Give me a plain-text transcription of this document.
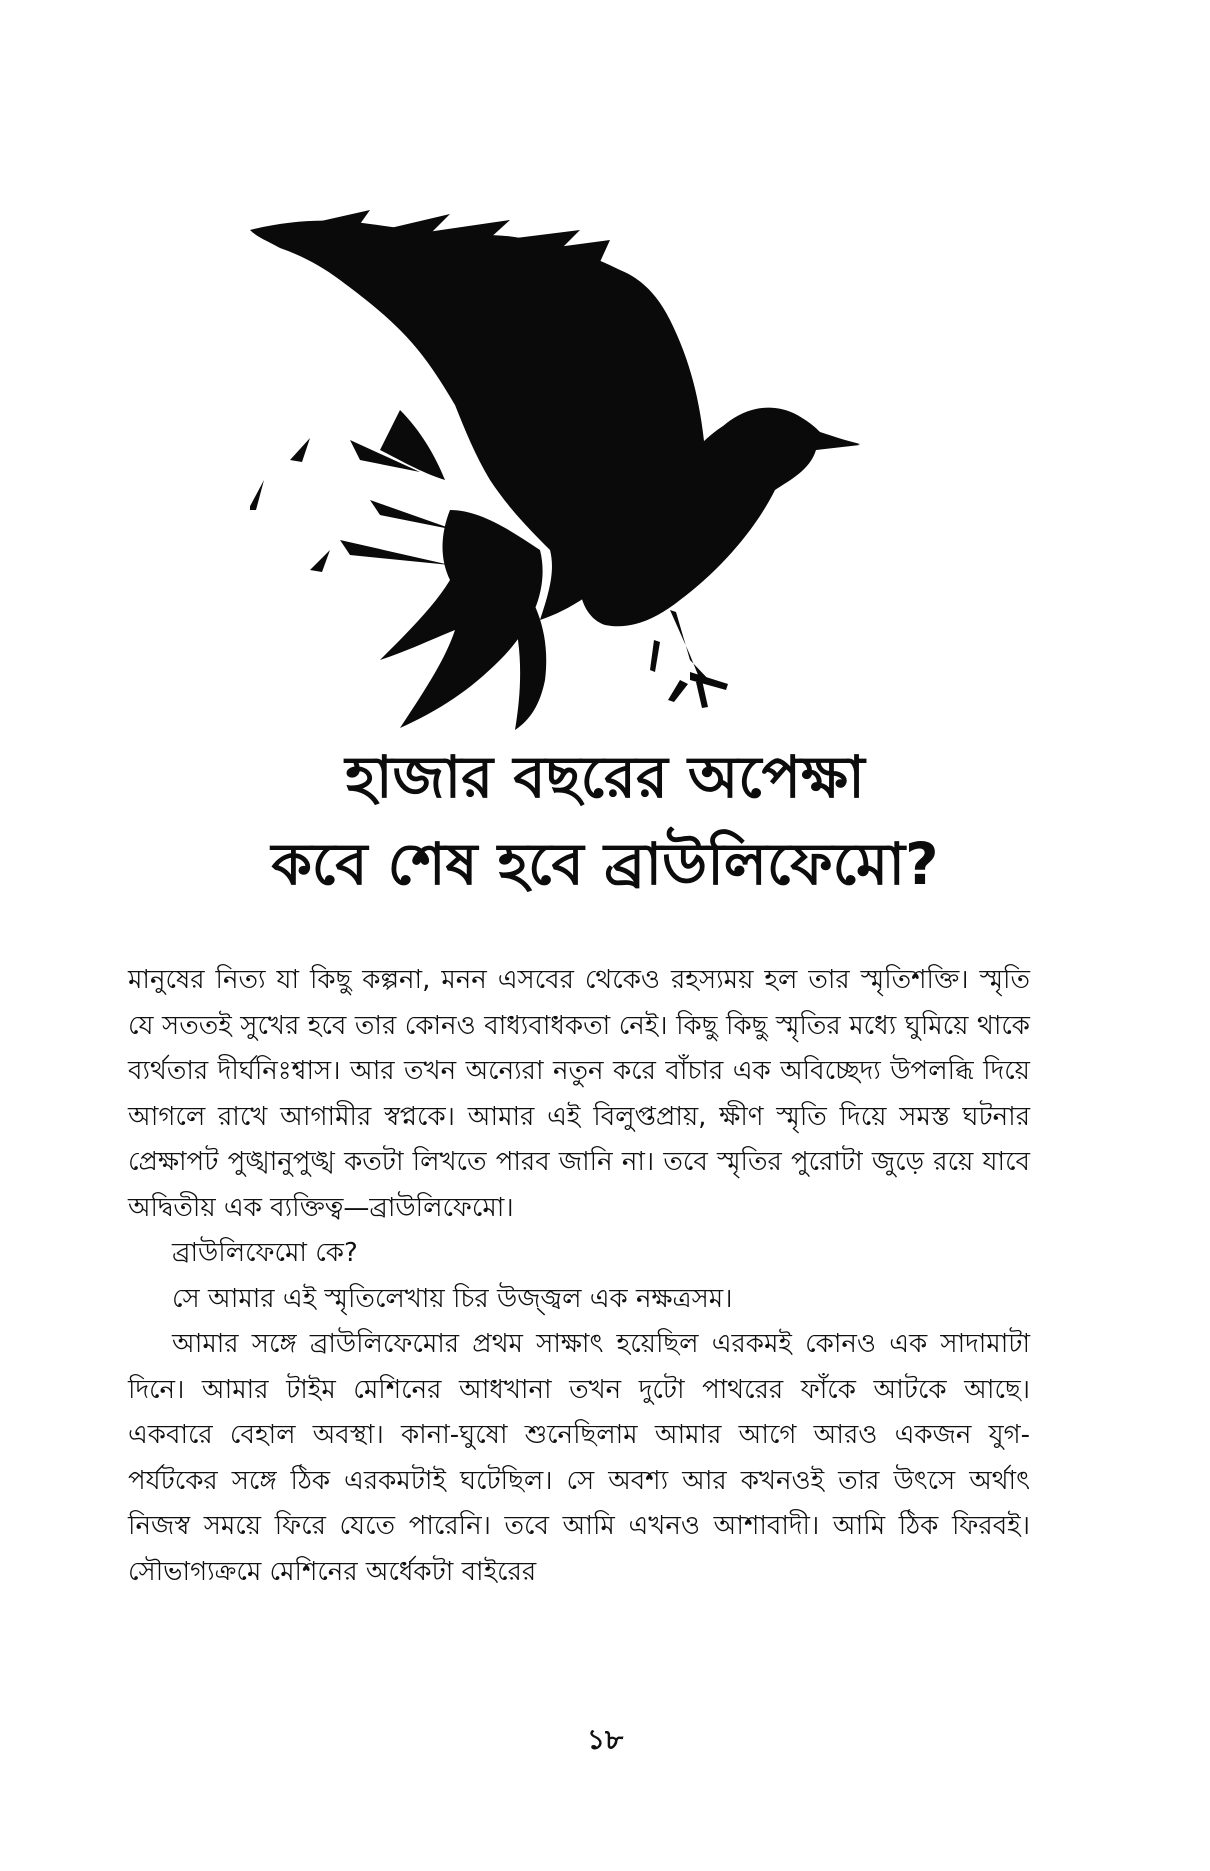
হাজার বছরের অপেক্ষা
কবে শেষ হবে ব্রাউলিফেমো?

মানুষের নিত্য যা কিছু কল্পনা, মনন এসবের থেকেও রহস্যময় হল তার স্মৃতিশক্তি। স্মৃতি যে সততই সুখের হবে তার কোনও বাধ্যবাধকতা নেই। কিছু কিছু স্মৃতির মধ্যে ঘুমিয়ে থাকে ব্যর্থতার দীর্ঘনিঃশ্বাস। আর তখন অন্যেরা নতুন করে বাঁচার এক অবিচ্ছেদ্য উপলব্ধি দিয়ে আগলে রাখে আগামীর স্বপ্নকে। আমার এই বিলুপ্তপ্রায়, ক্ষীণ স্মৃতি দিয়ে সমস্ত ঘটনার প্রেক্ষাপট পুঙ্খানুপুঙ্খ কতটা লিখতে পারব জানি না। তবে স্মৃতির পুরোটা জুড়ে রয়ে যাবে অদ্বিতীয় এক ব্যক্তিত্ব—ব্রাউলিফেমো।

ব্রাউলিফেমো কে?

সে আমার এই স্মৃতিলেখায় চির উজ্জ্বল এক নক্ষত্রসম।

আমার সঙ্গে ব্রাউলিফেমোর প্রথম সাক্ষাৎ হয়েছিল এরকমই কোনও এক সাদামাটা দিনে। আমার টাইম মেশিনের আধখানা তখন দুটো পাথরের ফাঁকে আটকে আছে। একবারে বেহাল অবস্থা। কানা-ঘুষো শুনেছিলাম আমার আগে আরও একজন যুগ-পর্যটকের সঙ্গে ঠিক এরকমটাই ঘটেছিল। সে অবশ্য আর কখনওই তার উৎসে অর্থাৎ নিজস্ব সময়ে ফিরে যেতে পারেনি। তবে আমি এখনও আশাবাদী। আমি ঠিক ফিরবই। সৌভাগ্যক্রমে মেশিনের অর্ধেকটা বাইরের

১৮
